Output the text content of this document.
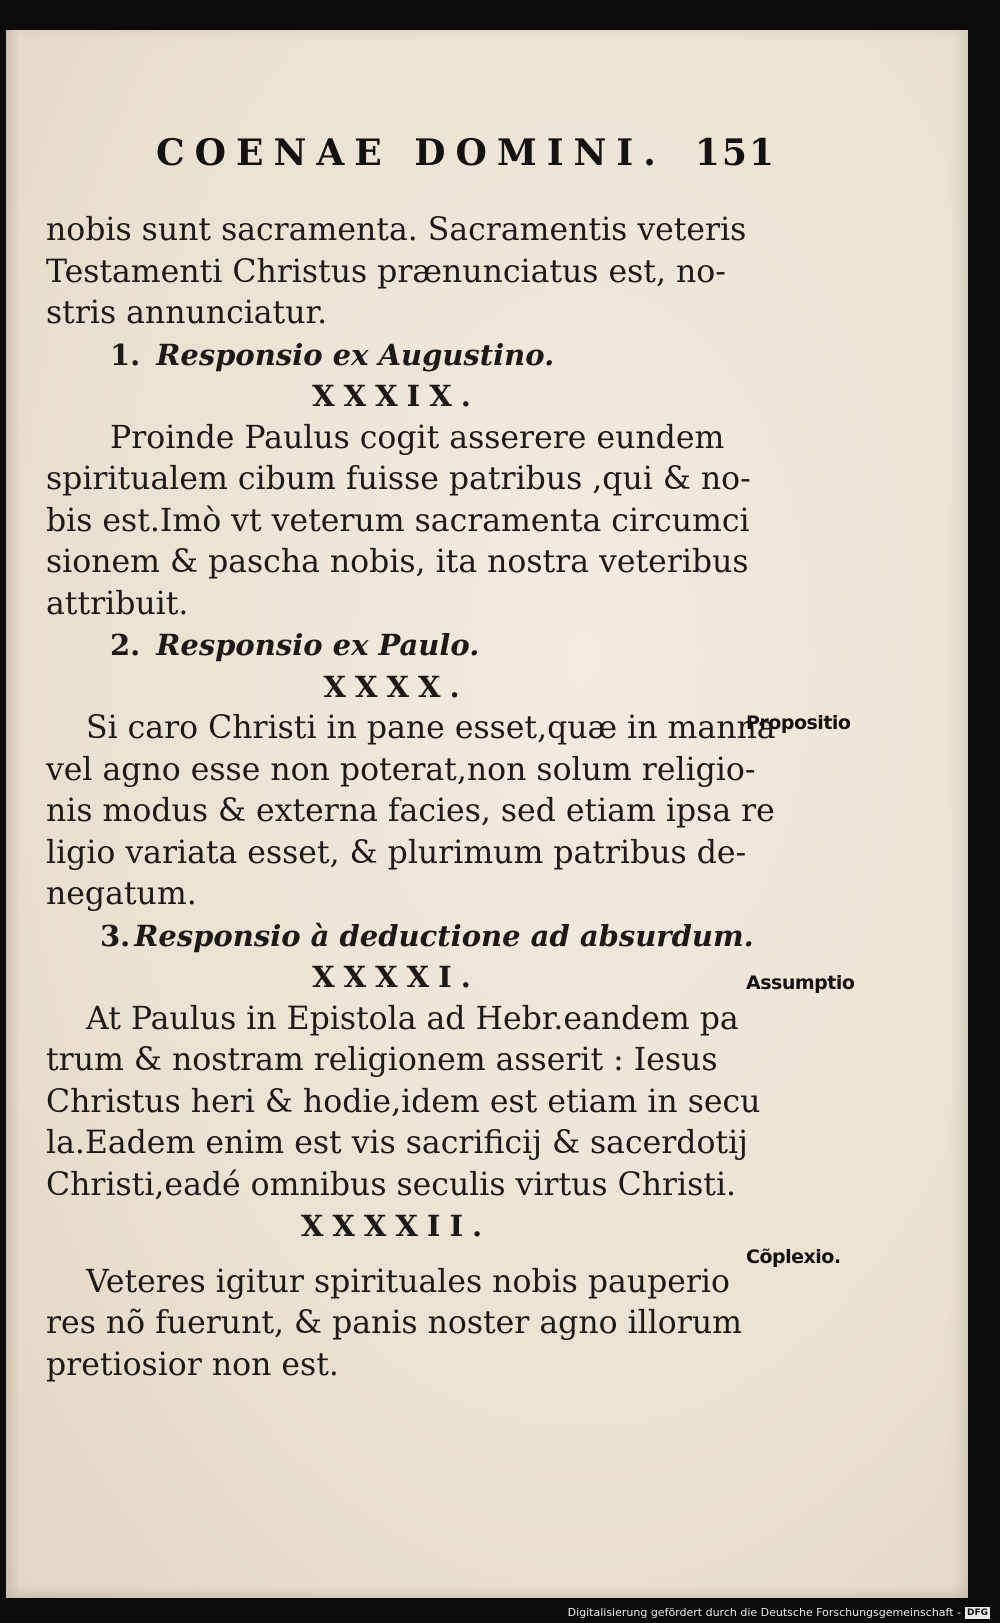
COENAE DOMINI. 151
nobis sunt sacramenta. Sacramentis veteris
Testamenti Christus prænunciatus est, no-
stris annunciatur.
1. Responsio ex Augustino.
XXXIX.
Proinde Paulus cogit asserere eundem
spiritualem cibum fuisse patribus ,qui & no-
bis est.Imò vt veterum sacramenta circumci
sionem & pascha nobis, ita nostra veteribus
attribuit.
2. Responsio ex Paulo.
XXXX.
Si caro Christi in pane esset,quæ in manna
vel agno esse non poterat,non solum religio-
nis modus & externa facies, sed etiam ipsa re
ligio variata esset, & plurimum patribus de-
negatum.
3. Responsio à deductione ad absurdum.
XXXXI.
At Paulus in Epistola ad Hebr.eandem pa
trum & nostram religionem asserit : Iesus
Christus heri & hodie,idem est etiam in secu
la.Eadem enim est vis sacrificij & sacerdotij
Christi,eadé omnibus seculis virtus Christi.
XXXXII.
Veteres igitur spirituales nobis pauperio
res nõ fuerunt, & panis noster agno illorum
pretiosior non est.
Propositio
Assumptio
Cõplexio.
Digitalisierung gefördert durch die Deutsche Forschungsgemeinschaft - DFG
